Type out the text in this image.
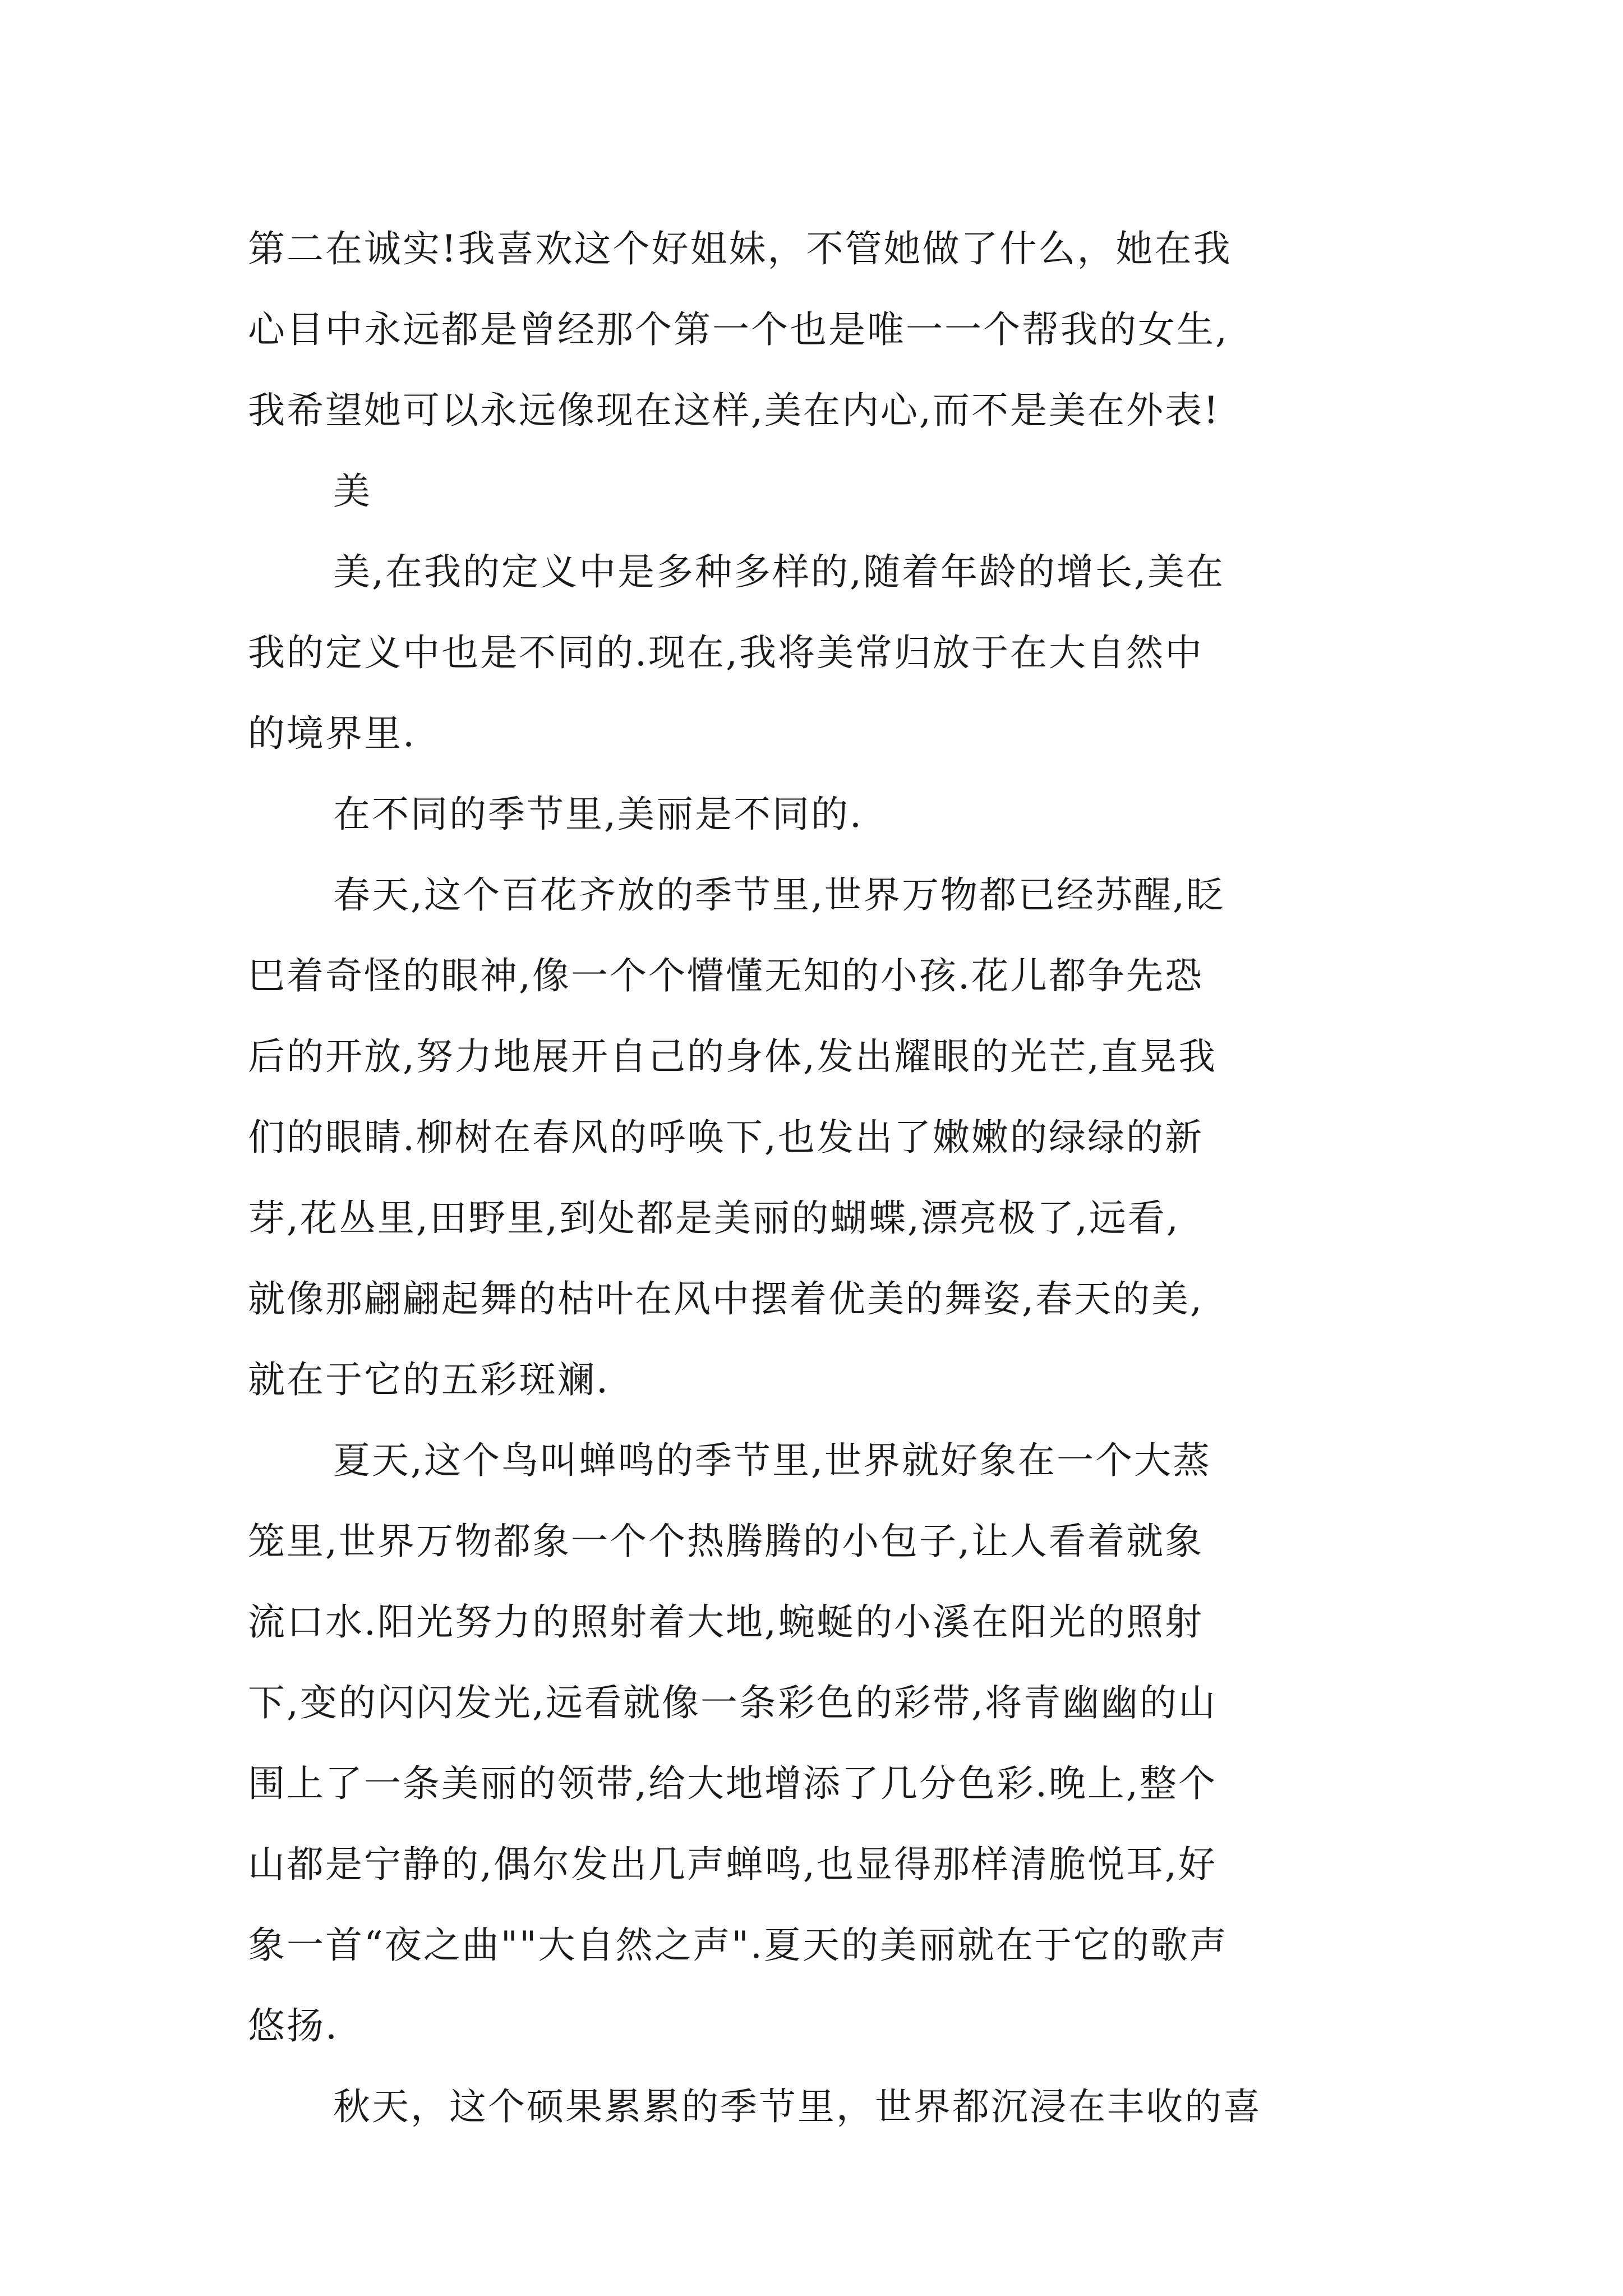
第二在诚实!我喜欢这个好姐妹，不管她做了什么，她在我
心目中永远都是曾经那个第一个也是唯一一个帮我的女生,
我希望她可以永远像现在这样,美在内心,而不是美在外表!
美
美,在我的定义中是多种多样的,随着年龄的增长,美在
我的定义中也是不同的.现在,我将美常归放于在大自然中
的境界里.
在不同的季节里,美丽是不同的.
春天,这个百花齐放的季节里,世界万物都已经苏醒,眨
巴着奇怪的眼神,像一个个懵懂无知的小孩.花儿都争先恐
后的开放,努力地展开自己的身体,发出耀眼的光芒,直晃我
们的眼睛.柳树在春风的呼唤下,也发出了嫩嫩的绿绿的新
芽,花丛里,田野里,到处都是美丽的蝴蝶,漂亮极了,远看,
就像那翩翩起舞的枯叶在风中摆着优美的舞姿,春天的美,
就在于它的五彩斑斓.
夏天,这个鸟叫蝉鸣的季节里,世界就好象在一个大蒸
笼里,世界万物都象一个个热腾腾的小包子,让人看着就象
流口水.阳光努力的照射着大地,蜿蜒的小溪在阳光的照射
下,变的闪闪发光,远看就像一条彩色的彩带,将青幽幽的山
围上了一条美丽的领带,给大地增添了几分色彩.晚上,整个
山都是宁静的,偶尔发出几声蝉鸣,也显得那样清脆悦耳,好
象一首“夜之曲""大自然之声".夏天的美丽就在于它的歌声
悠扬.
秋天，这个硕果累累的季节里，世界都沉浸在丰收的喜
